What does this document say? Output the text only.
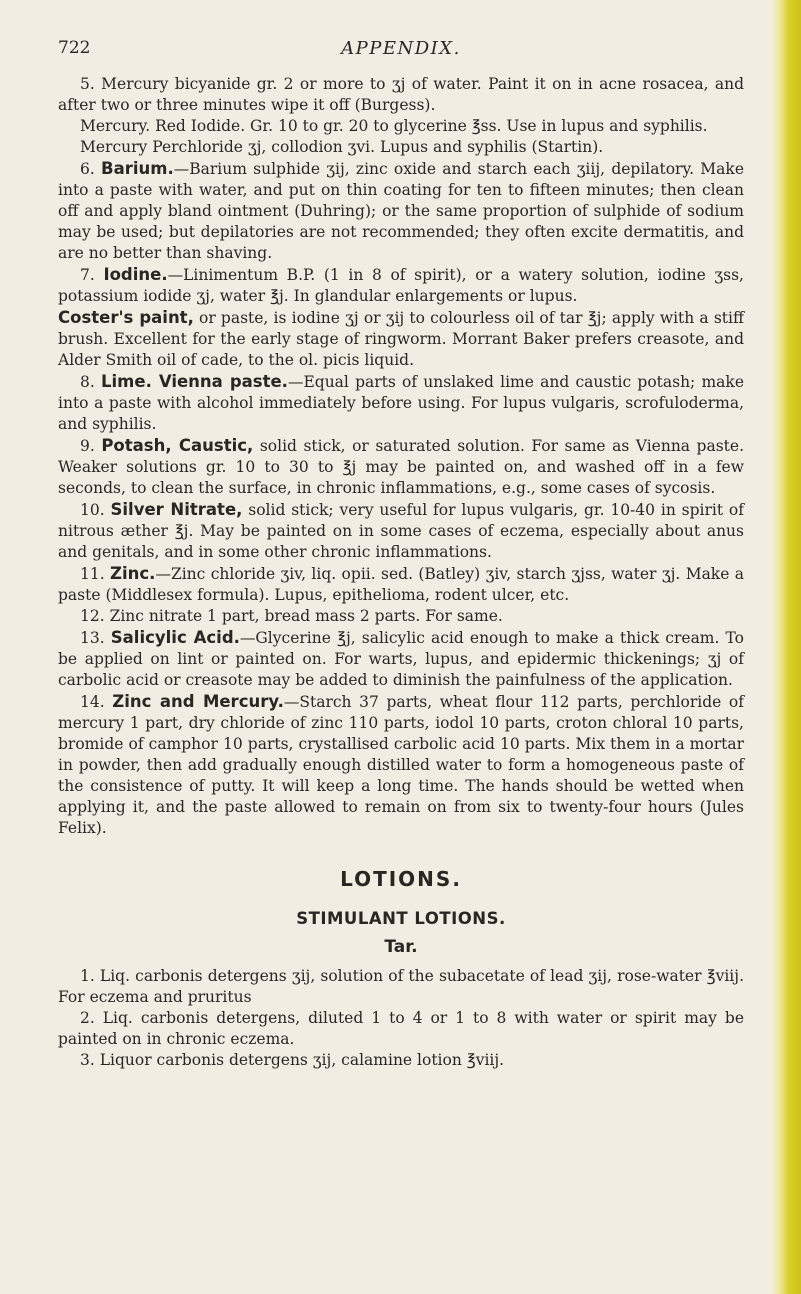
722	APPENDIX.

5. Mercury bicyanide gr. 2 or more to ʒj of water. Paint it on in acne rosacea, and after two or three minutes wipe it off (Burgess).

Mercury. Red Iodide. Gr. 10 to gr. 20 to glycerine ℥ss. Use in lupus and syphilis.

Mercury Perchloride ʒj, collodion ʒvi. Lupus and syphilis (Startin).

6. Barium.—Barium sulphide ʒij, zinc oxide and starch each ʒiij, depilatory. Make into a paste with water, and put on thin coating for ten to fifteen minutes; then clean off and apply bland ointment (Duhring); or the same proportion of sulphide of sodium may be used; but depilatories are not recommended; they often excite dermatitis, and are no better than shaving.

7. Iodine.—Linimentum B.P. (1 in 8 of spirit), or a watery solution, iodine ʒss, potassium iodide ʒj, water ℥j. In glandular enlargements or lupus.

Coster's paint, or paste, is iodine ʒj or ʒij to colourless oil of tar ℥j; apply with a stiff brush. Excellent for the early stage of ringworm. Morrant Baker prefers creasote, and Alder Smith oil of cade, to the ol. picis liquid.

8. Lime. Vienna paste.—Equal parts of unslaked lime and caustic potash; make into a paste with alcohol immediately before using. For lupus vulgaris, scrofuloderma, and syphilis.

9. Potash, Caustic, solid stick, or saturated solution. For same as Vienna paste. Weaker solutions gr. 10 to 30 to ℥j may be painted on, and washed off in a few seconds, to clean the surface, in chronic inflammations, e.g., some cases of sycosis.

10. Silver Nitrate, solid stick; very useful for lupus vulgaris, gr. 10-40 in spirit of nitrous æther ℥j. May be painted on in some cases of eczema, especially about anus and genitals, and in some other chronic inflammations.

11. Zinc.—Zinc chloride ʒiv, liq. opii. sed. (Batley) ʒiv, starch ʒjss, water ʒj. Make a paste (Middlesex formula). Lupus, epithelioma, rodent ulcer, etc.

12. Zinc nitrate 1 part, bread mass 2 parts. For same.

13. Salicylic Acid.—Glycerine ℥j, salicylic acid enough to make a thick cream. To be applied on lint or painted on. For warts, lupus, and epidermic thickenings; ʒj of carbolic acid or creasote may be added to diminish the painfulness of the application.

14. Zinc and Mercury.—Starch 37 parts, wheat flour 112 parts, perchloride of mercury 1 part, dry chloride of zinc 110 parts, iodol 10 parts, croton chloral 10 parts, bromide of camphor 10 parts, crystallised carbolic acid 10 parts. Mix them in a mortar in powder, then add gradually enough distilled water to form a homogeneous paste of the consistence of putty. It will keep a long time. The hands should be wetted when applying it, and the paste allowed to remain on from six to twenty-four hours (Jules Felix).

LOTIONS.

STIMULANT LOTIONS.

Tar.

1. Liq. carbonis detergens ʒij, solution of the subacetate of lead ʒij, rose-water ℥viij. For eczema and pruritus

2. Liq. carbonis detergens, diluted 1 to 4 or 1 to 8 with water or spirit may be painted on in chronic eczema.

3. Liquor carbonis detergens ʒij, calamine lotion ℥viij.
